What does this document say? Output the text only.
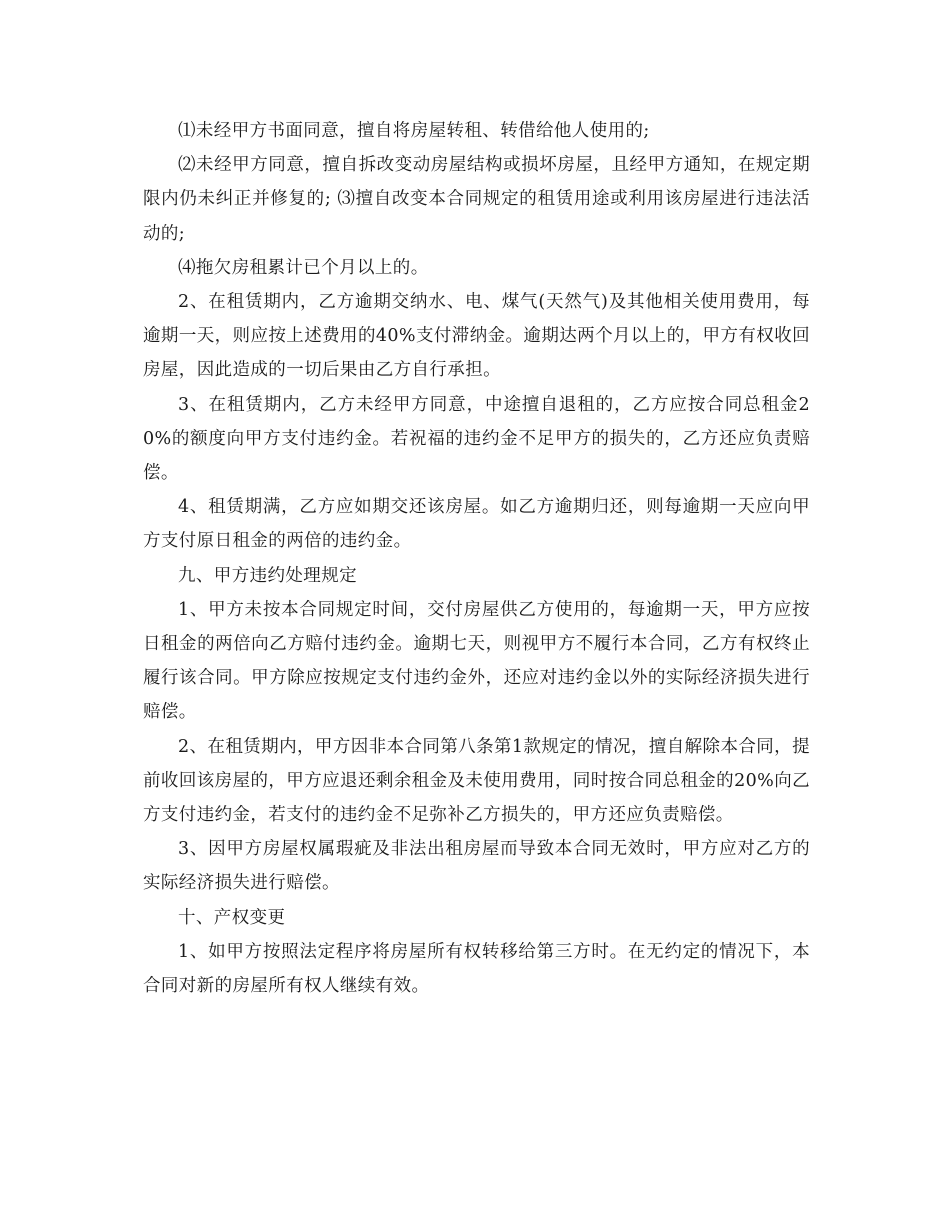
⑴未经甲方书面同意，擅自将房屋转租、转借给他人使用的;

⑵未经甲方同意，擅自拆改变动房屋结构或损坏房屋，且经甲方通知，在规定期限内仍未纠正并修复的; ⑶擅自改变本合同规定的租赁用途或利用该房屋进行违法活动的;

⑷拖欠房租累计已个月以上的。

2、在租赁期内，乙方逾期交纳水、电、煤气(天然气)及其他相关使用费用，每逾期一天，则应按上述费用的40%支付滞纳金。逾期达两个月以上的，甲方有权收回房屋，因此造成的一切后果由乙方自行承担。

3、在租赁期内，乙方未经甲方同意，中途擅自退租的，乙方应按合同总租金20%的额度向甲方支付违约金。若祝福的违约金不足甲方的损失的，乙方还应负责赔偿。

4、租赁期满，乙方应如期交还该房屋。如乙方逾期归还，则每逾期一天应向甲方支付原日租金的两倍的违约金。

九、甲方违约处理规定

1、甲方未按本合同规定时间，交付房屋供乙方使用的，每逾期一天，甲方应按日租金的两倍向乙方赔付违约金。逾期七天，则视甲方不履行本合同，乙方有权终止履行该合同。甲方除应按规定支付违约金外，还应对违约金以外的实际经济损失进行赔偿。

2、在租赁期内，甲方因非本合同第八条第1款规定的情况，擅自解除本合同，提前收回该房屋的，甲方应退还剩余租金及未使用费用，同时按合同总租金的20%向乙方支付违约金，若支付的违约金不足弥补乙方损失的，甲方还应负责赔偿。

3、因甲方房屋权属瑕疵及非法出租房屋而导致本合同无效时，甲方应对乙方的实际经济损失进行赔偿。

十、产权变更

1、如甲方按照法定程序将房屋所有权转移给第三方时。在无约定的情况下，本合同对新的房屋所有权人继续有效。
